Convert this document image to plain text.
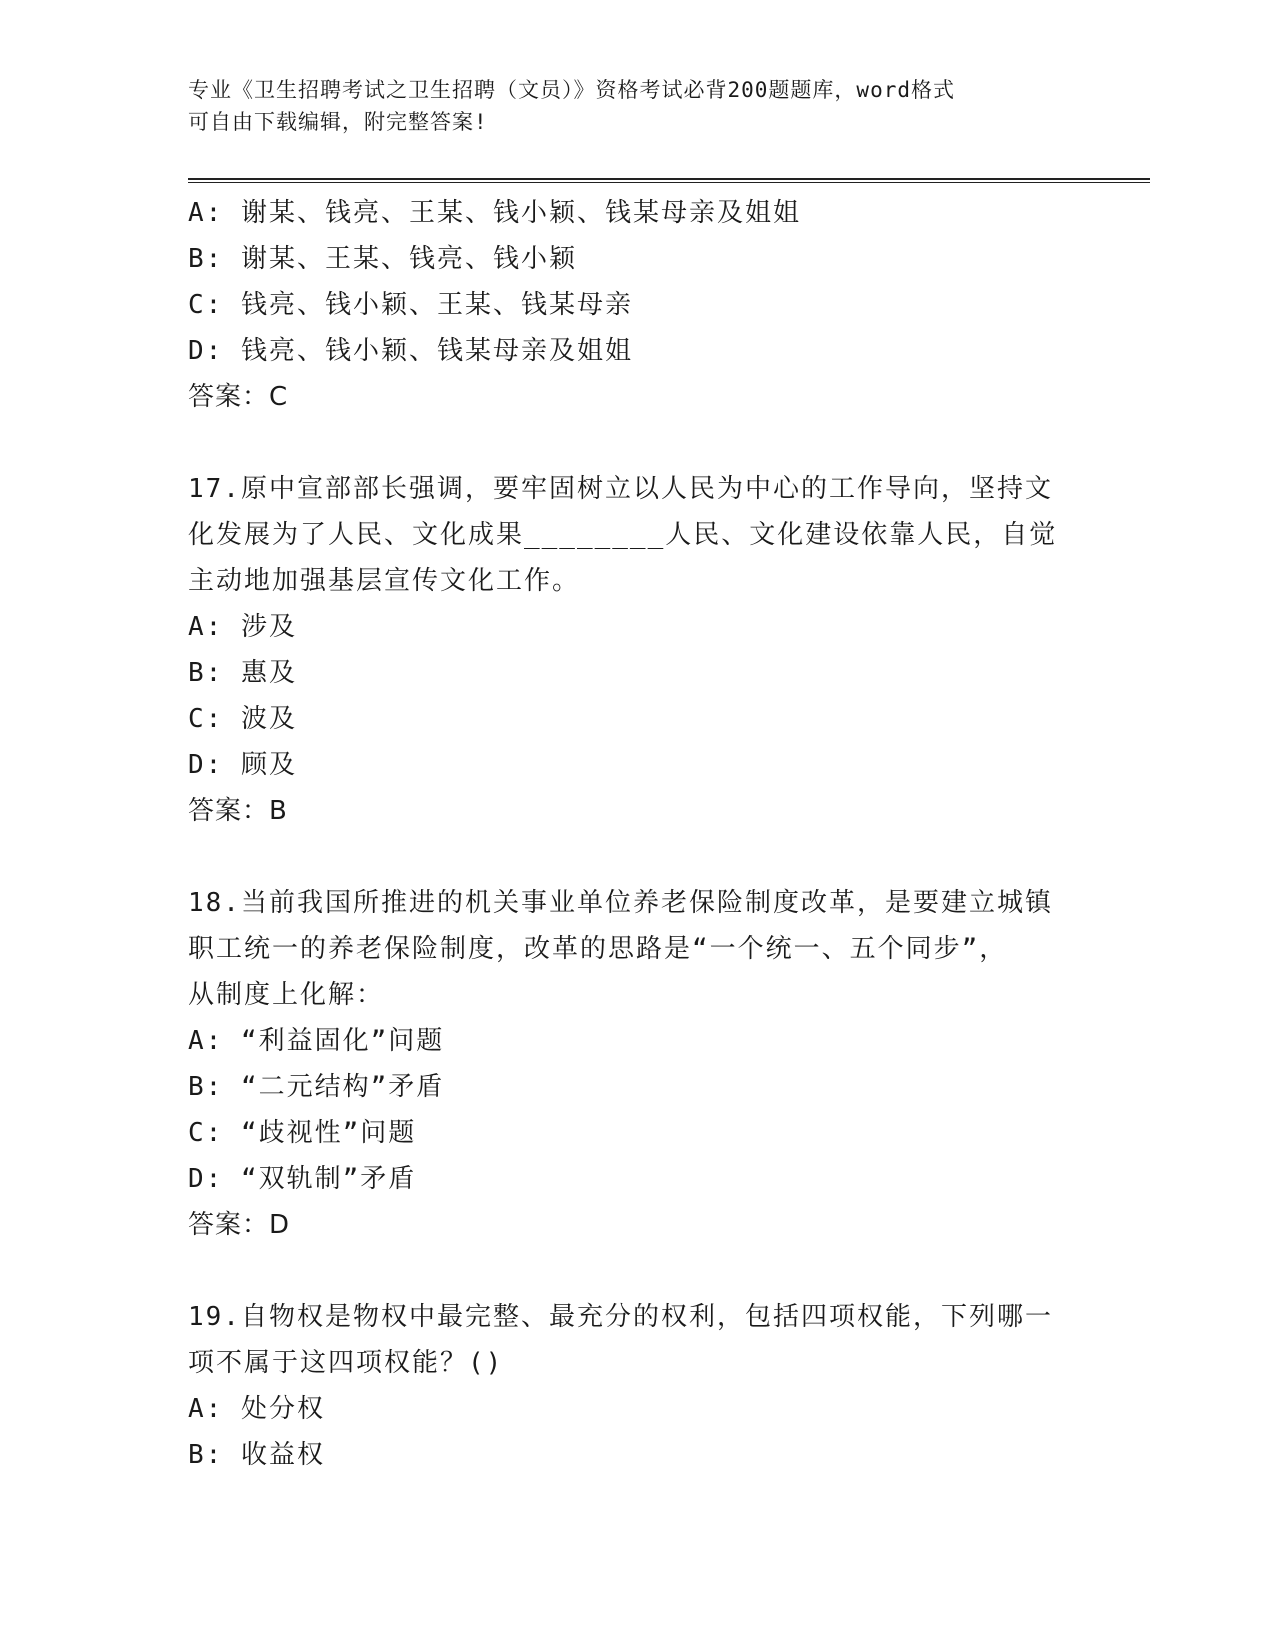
专业《卫生招聘考试之卫生招聘（文员）》资格考试必背200题题库，word格式
可自由下载编辑，附完整答案!
A: 谢某、钱亮、王某、钱小颖、钱某母亲及姐姐
B: 谢某、王某、钱亮、钱小颖
C: 钱亮、钱小颖、王某、钱某母亲
D: 钱亮、钱小颖、钱某母亲及姐姐
答案：C
17.原中宣部部长强调，要牢固树立以人民为中心的工作导向，坚持文
化发展为了人民、文化成果________人民、文化建设依靠人民，自觉
主动地加强基层宣传文化工作。
A: 涉及
B: 惠及
C: 波及
D: 顾及
答案：B
18.当前我国所推进的机关事业单位养老保险制度改革，是要建立城镇
职工统一的养老保险制度，改革的思路是“一个统一、五个同步”，
从制度上化解：
A: “利益固化”问题
B: “二元结构”矛盾
C: “歧视性”问题
D: “双轨制”矛盾
答案：D
19.自物权是物权中最完整、最充分的权利，包括四项权能，下列哪一
项不属于这四项权能？()
A: 处分权
B: 收益权
